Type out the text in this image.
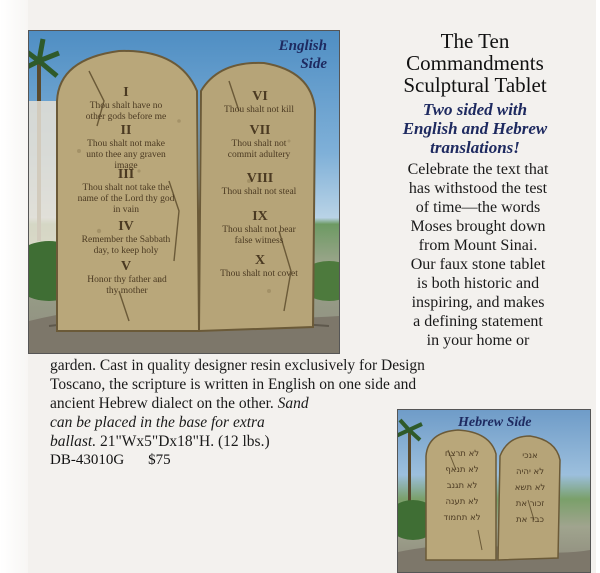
I
Thou shalt have no other gods before me
II
Thou shalt not make unto thee any graven image
III
Thou shalt not take the name of the Lord thy god in vain
IV
Remember the Sabbath day, to keep holy
V
Honor thy father and thy mother
VI
Thou shalt not kill
VII
Thou shalt not commit adultery
VIII
Thou shalt not steal
IX
Thou shalt not bear false witness
X
Thou shalt not covet
English
Side
The Ten
Commandments
Sculptural Tablet
Two sided with
English and Hebrew
translations!
Celebrate the text that
has withstood the test
of time—the words
Moses brought down
from Mount Sinai.
Our faux stone tablet
is both historic and
inspiring, and makes
a defining statement
in your home or
garden. Cast in quality designer resin exclusively for Design
Toscano, the scripture is written in English on one side and
ancient Hebrew dialect on the other. Sand
can be placed in the base for extra
ballast. 21"Wx5"Dx18"H. (12 lbs.)
DB-43010G $75
Hebrew Side
לא תרצח
לא תנאף
לא תגנב
לא תענה
לא תחמוד
אנכי
לא יהיה
לא תשא
זכור את
כבד את
